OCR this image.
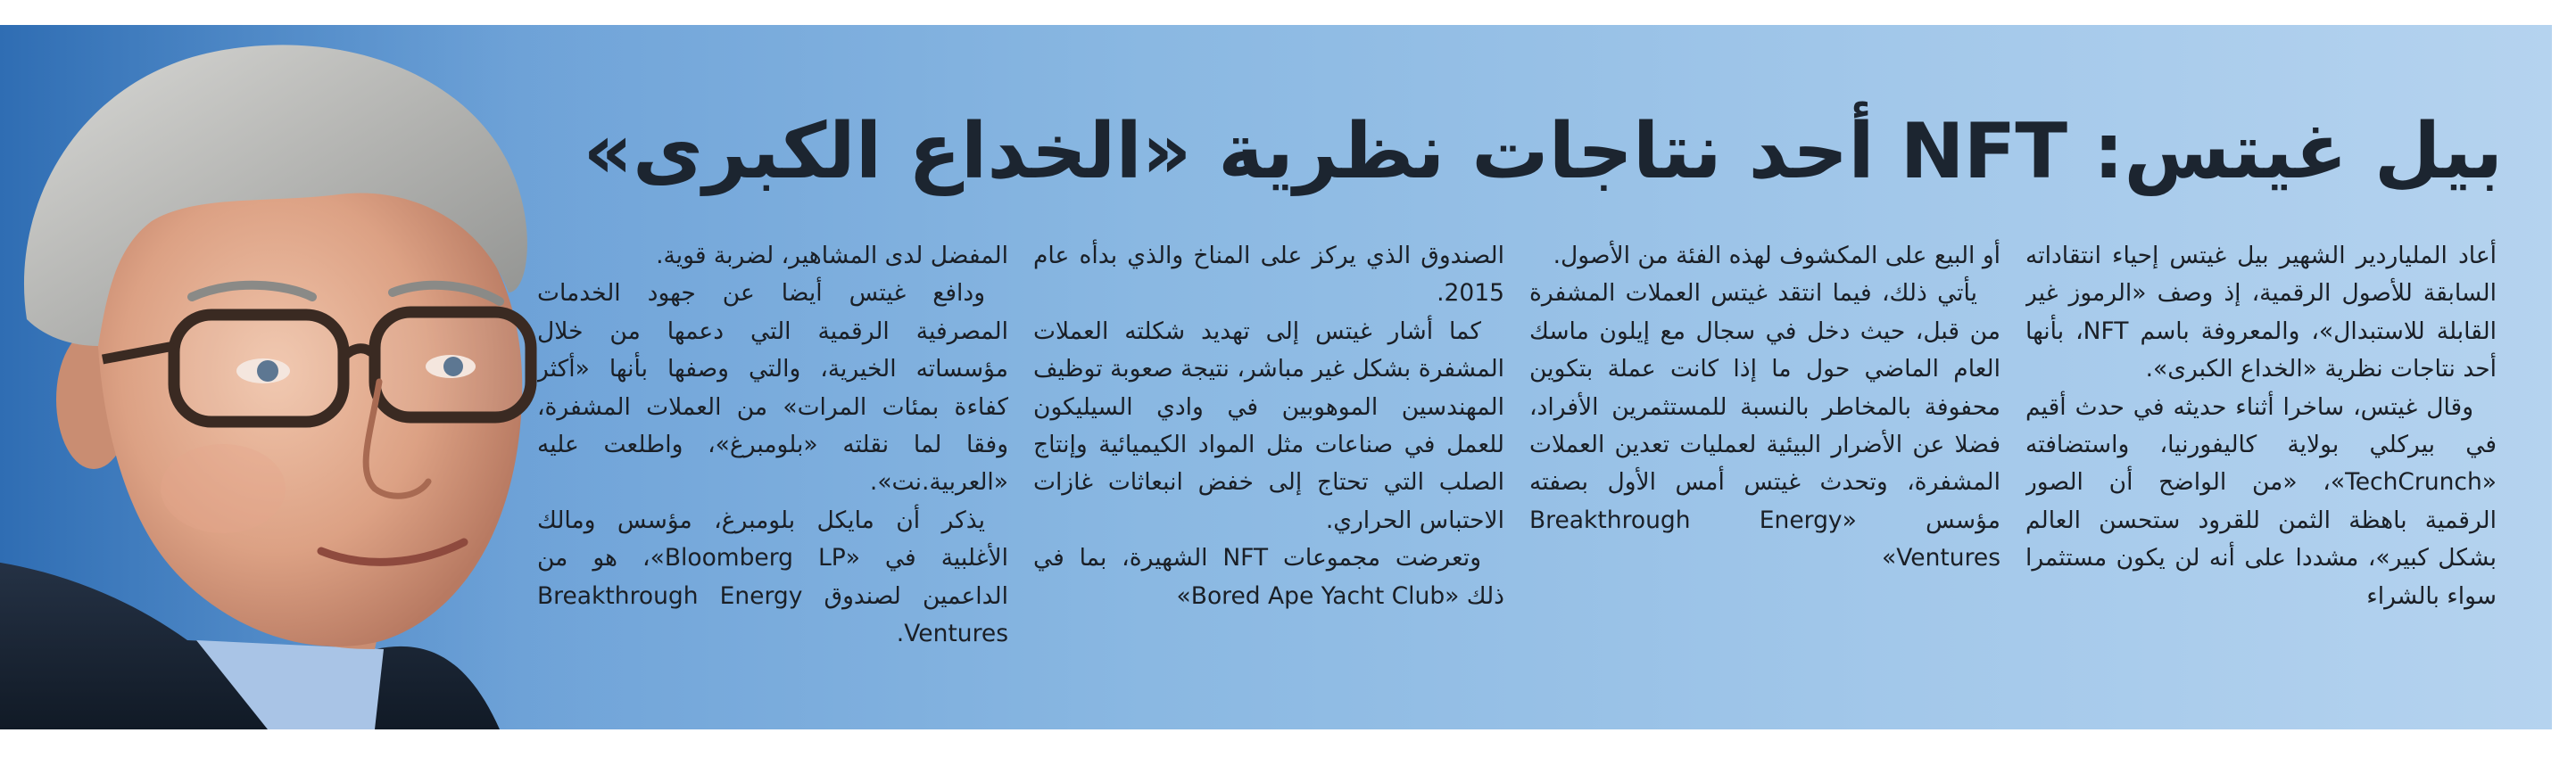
بيل غيتس: NFT أحد نتاجات نظرية «الخداع الكبرى»

أعاد الملياردير الشهير بيل غيتس إحياء انتقاداته السابقة للأصول الرقمية، إذ وصف «الرموز غير القابلة للاستبدال»، والمعروفة باسم NFT، بأنها أحد نتاجات نظرية «الخداع الكبرى».

وقال غيتس، ساخرا أثناء حديثه في حدث أقيم في بيركلي بولاية كاليفورنيا، واستضافته «TechCrunch»، «من الواضح أن الصور الرقمية باهظة الثمن للقرود ستحسن العالم بشكل كبير»، مشددا على أنه لن يكون مستثمرا سواء بالشراء

أو البيع على المكشوف لهذه الفئة من الأصول.

يأتي ذلك، فيما انتقد غيتس العملات المشفرة من قبل، حيث دخل في سجال مع إيلون ماسك العام الماضي حول ما إذا كانت عملة بتكوين محفوفة بالمخاطر بالنسبة للمستثمرين الأفراد، فضلا عن الأضرار البيئية لعمليات تعدين العملات المشفرة، وتحدث غيتس أمس الأول بصفته مؤسس «Breakthrough Energy Ventures»

الصندوق الذي يركز على المناخ والذي بدأه عام 2015.

كما أشار غيتس إلى تهديد شكلته العملات المشفرة بشكل غير مباشر، نتيجة صعوبة توظيف المهندسين الموهوبين في وادي السيليكون للعمل في صناعات مثل المواد الكيميائية وإنتاج الصلب التي تحتاج إلى خفض انبعاثات غازات الاحتباس الحراري.

وتعرضت مجموعات NFT الشهيرة، بما في ذلك «Bored Ape Yacht Club»

المفضل لدى المشاهير، لضربة قوية.

ودافع غيتس أيضا عن جهود الخدمات المصرفية الرقمية التي دعمها من خلال مؤسساته الخيرية، والتي وصفها بأنها «أكثر كفاءة بمئات المرات» من العملات المشفرة، وفقا لما نقلته «بلومبرغ»، واطلعت عليه «العربية.نت».

يذكر أن مايكل بلومبرغ، مؤسس ومالك الأغلبية في «Bloomberg LP»، هو من الداعمين لصندوق Breakthrough Energy Ventures.
